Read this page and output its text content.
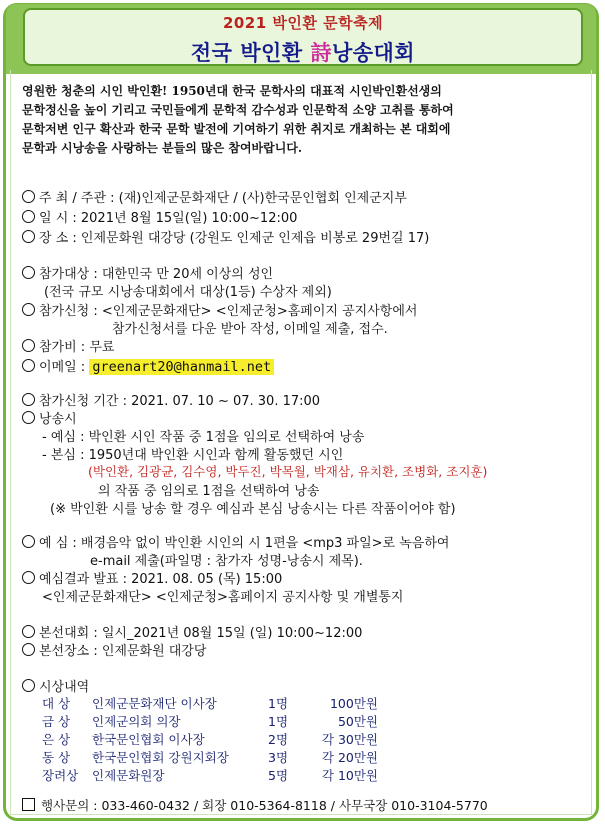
2021 박인환 문학축제
전국 박인환 詩낭송대회
영원한 청춘의 시인 박인환! 1950년대 한국 문학사의 대표적 시인박인환선생의
문학정신을 높이 기리고 국민들에게 문학적 감수성과 인문학적 소양 고취를 통하여
문학저변 인구 확산과 한국 문학 발전에 기여하기 위한 취지로 개최하는 본 대회에
문학과 시낭송을 사랑하는 분들의 많은 참여바랍니다.
주 최 / 주관 : (재)인제군문화재단 / (사)한국문인협회 인제군지부
일 시 : 2021년 8월 15일(일) 10:00~12:00
장 소 : 인제문화원 대강당 (강원도 인제군 인제읍 비봉로 29번길 17)
참가대상 : 대한민국 만 20세 이상의 성인
(전국 규모 시낭송대회에서 대상(1등) 수상자 제외)
참가신청 : <인제군문화재단> <인제군청>홈페이지 공지사항에서
참가신청서를 다운 받아 작성, 이메일 제출, 접수.
참가비 : 무료
이메일 : greenart20@hanmail.net
참가신청 기간 : 2021. 07. 10 ~ 07. 30. 17:00
낭송시
- 예심 : 박인환 시인 작품 중 1점을 임의로 선택하여 낭송
- 본심 : 1950년대 박인환 시인과 함께 활동했던 시인
(박인환, 김광균, 김수영, 박두진, 박목월, 박재삼, 유치환, 조병화, 조지훈)
의 작품 중 임의로 1점을 선택하여 낭송
(※ 박인환 시를 낭송 할 경우 예심과 본심 낭송시는 다른 작품이어야 함)
예 심 : 배경음악 없이 박인환 시인의 시 1편을 <mp3 파일>로 녹음하여
e-mail 제출(파일명 : 참가자 성명-낭송시 제목).
예심결과 발표 : 2021. 08. 05 (목) 15:00
<인제군문화재단> <인제군청>홈페이지 공지사항 및 개별통지
본선대회 : 일시_2021년 08월 15일 (일) 10:00~12:00
본선장소 : 인제문화원 대강당
시상내역
대 상 인제군문화재단 이사장	1명	100만원
금 상 인제군의회 의장	1명	50만원
은 상 한국문인협회 이사장	2명	각 30만원
동 상 한국문인협회 강원지회장	3명	각 20만원
장려상 인제문화원장	5명	각 10만원
행사문의 : 033-460-0432 / 회장 010-5364-8118 / 사무국장 010-3104-5770
